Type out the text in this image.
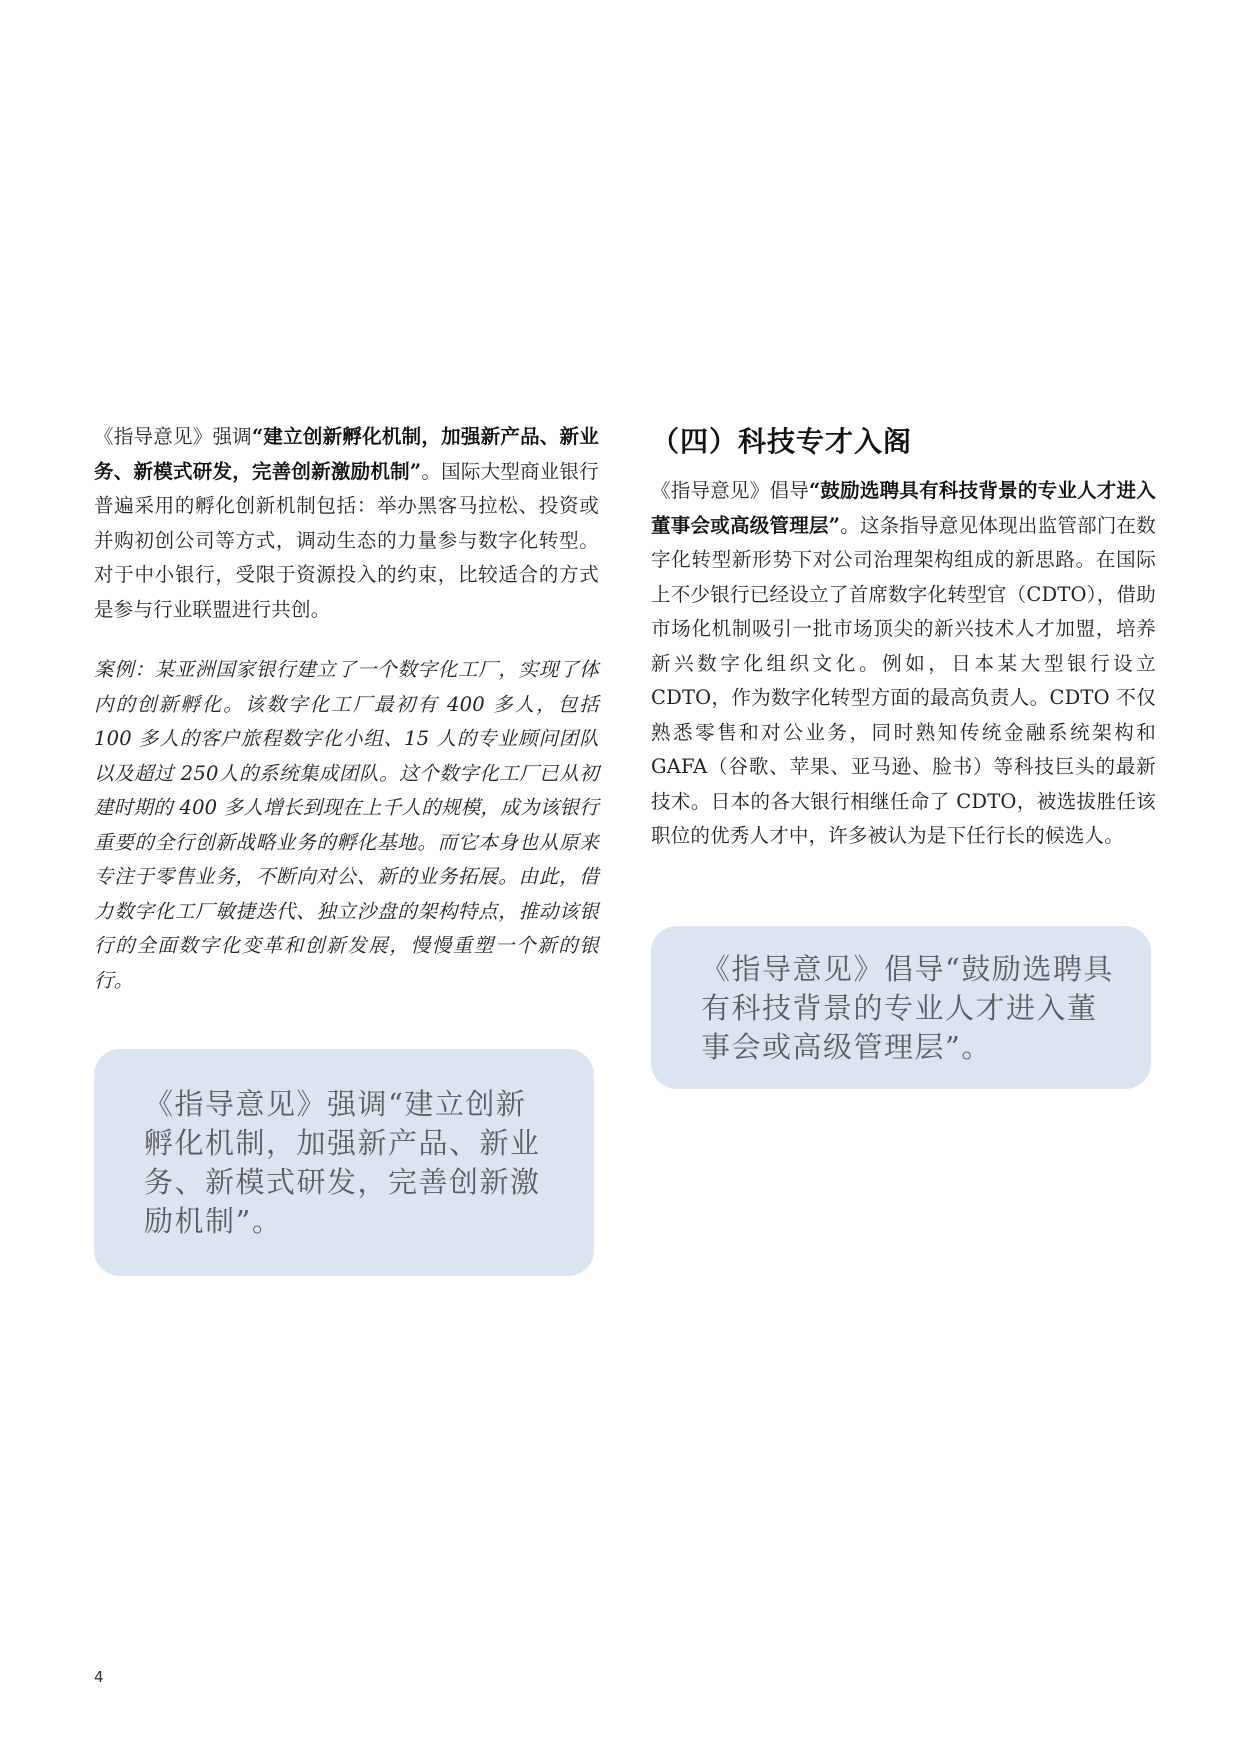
《指导意见》强调“建立创新孵化机制，加强新产品、新业务、新模式研发，完善创新激励机制”。国际大型商业银行普遍采用的孵化创新机制包括：举办黑客马拉松、投资或并购初创公司等方式，调动生态的力量参与数字化转型。对于中小银行，受限于资源投入的约束，比较适合的方式是参与行业联盟进行共创。

案例：某亚洲国家银行建立了一个数字化工厂，实现了体内的创新孵化。该数字化工厂最初有 400 多人，包括 100 多人的客户旅程数字化小组、15 人的专业顾问团队以及超过 250人的系统集成团队。这个数字化工厂已从初建时期的 400 多人增长到现在上千人的规模，成为该银行重要的全行创新战略业务的孵化基地。而它本身也从原来专注于零售业务，不断向对公、新的业务拓展。由此，借力数字化工厂敏捷迭代、独立沙盘的架构特点，推动该银行的全面数字化变革和创新发展，慢慢重塑一个新的银行。

《指导意见》强调“建立创新孵化机制，加强新产品、新业务、新模式研发，完善创新激励机制”。
（四）科技专才入阁

《指导意见》倡导“鼓励选聘具有科技背景的专业人才进入董事会或高级管理层”。这条指导意见体现出监管部门在数字化转型新形势下对公司治理架构组成的新思路。在国际上不少银行已经设立了首席数字化转型官（CDTO），借助市场化机制吸引一批市场顶尖的新兴技术人才加盟，培养新兴数字化组织文化。例如，日本某大型银行设立 CDTO，作为数字化转型方面的最高负责人。CDTO 不仅熟悉零售和对公业务，同时熟知传统金融系统架构和 GAFA（谷歌、苹果、亚马逊、脸书）等科技巨头的最新技术。日本的各大银行相继任命了 CDTO，被选拔胜任该职位的优秀人才中，许多被认为是下任行长的候选人。

《指导意见》倡导“鼓励选聘具有科技背景的专业人才进入董事会或高级管理层”。
4
